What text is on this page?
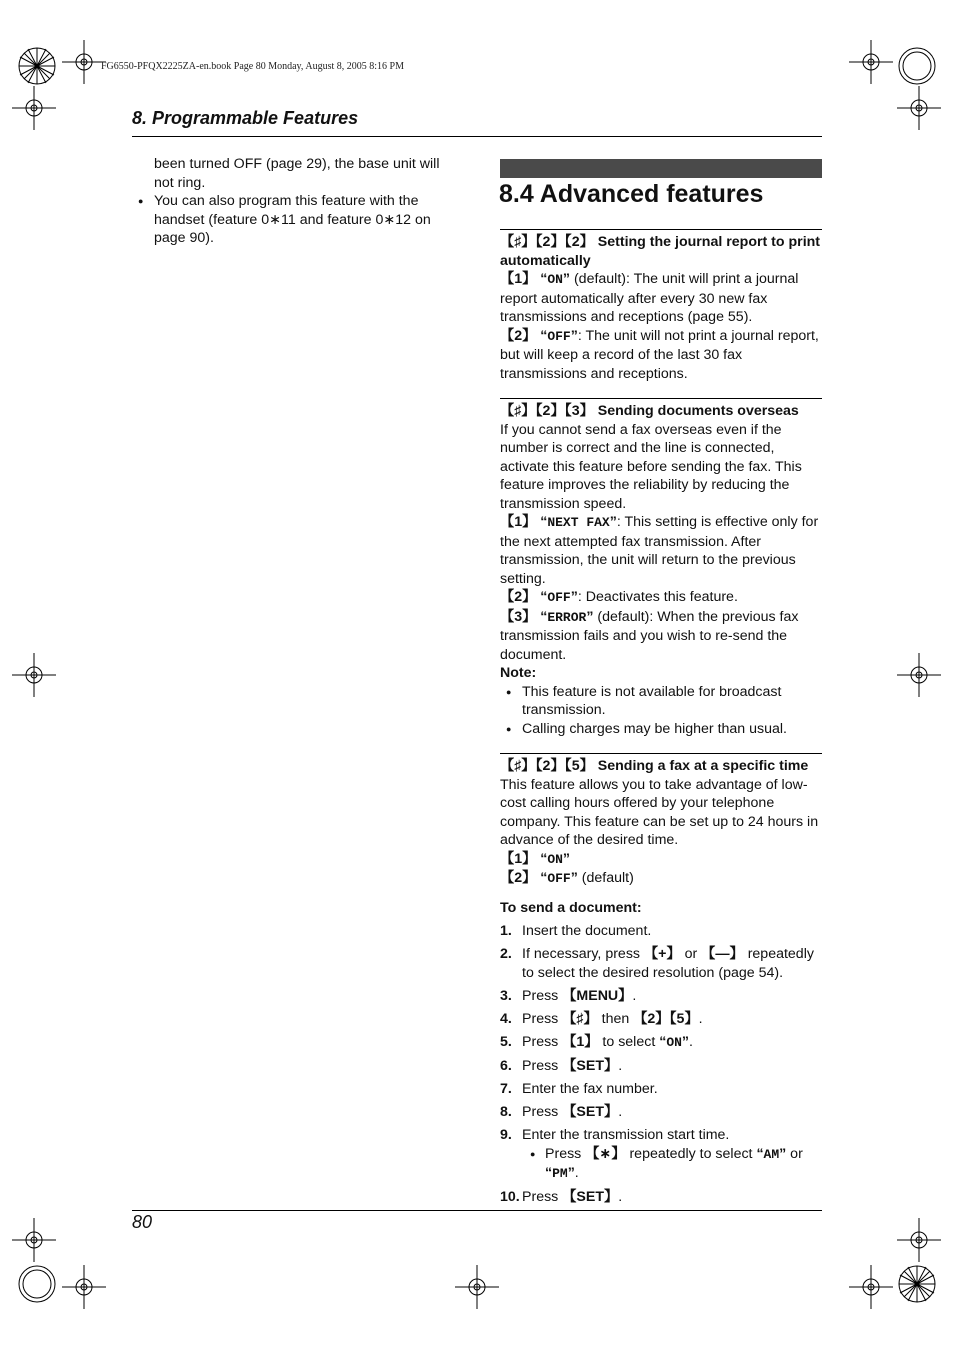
FG6550-PFQX2225ZA-en.book Page 80 Monday, August 8, 2005 8:16 PM
8. Programmable Features

been turned OFF (page 29), the base unit will not ring.

● You can also program this feature with the handset (feature 0∗11 and feature 0∗12 on page 90).

8.4 Advanced features

【♯】【2】【2】 Setting the journal report to print automatically

【1】 “ON” (default): The unit will print a journal report automatically after every 30 new fax transmissions and receptions (page 55).

【2】 “OFF”: The unit will not print a journal report, but will keep a record of the last 30 fax transmissions and receptions.

【♯】【2】【3】 Sending documents overseas

If you cannot send a fax overseas even if the number is correct and the line is connected, activate this feature before sending the fax. This feature improves the reliability by reducing the transmission speed.

【1】 “NEXT FAX”: This setting is effective only for the next attempted fax transmission. After transmission, the unit will return to the previous setting.

【2】 “OFF”: Deactivates this feature.

【3】 “ERROR” (default): When the previous fax transmission fails and you wish to re-send the document.

Note:

● This feature is not available for broadcast transmission.

● Calling charges may be higher than usual.

【♯】【2】【5】 Sending a fax at a specific time

This feature allows you to take advantage of low-cost calling hours offered by your telephone company. This feature can be set up to 24 hours in advance of the desired time.

【1】 “ON”

【2】 “OFF” (default)

To send a document:

1. Insert the document.
2. If necessary, press 【+】 or 【—】 repeatedly to select the desired resolution (page 54).
3. Press 【MENU】.
4. Press 【♯】 then 【2】【5】.
5. Press 【1】 to select “ON”.
6. Press 【SET】.
7. Enter the fax number.
8. Press 【SET】.
9. Enter the transmission start time.
● Press 【∗】 repeatedly to select “AM” or “PM”.
10. Press 【SET】.
80
